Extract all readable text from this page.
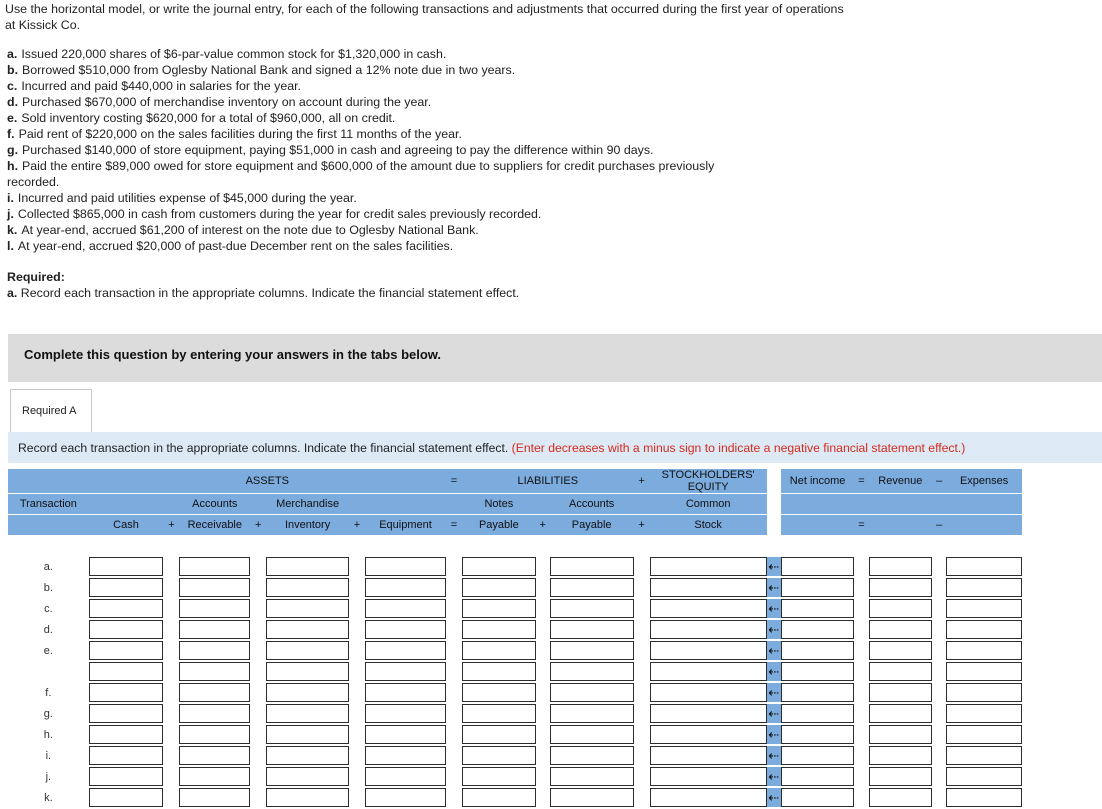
Use the horizontal model, or write the journal entry, for each of the following transactions and adjustments that occurred during the first year of operations at Kissick Co.
a. Issued 220,000 shares of $6-par-value common stock for $1,320,000 in cash.
b. Borrowed $510,000 from Oglesby National Bank and signed a 12% note due in two years.
c. Incurred and paid $440,000 in salaries for the year.
d. Purchased $670,000 of merchandise inventory on account during the year.
e. Sold inventory costing $620,000 for a total of $960,000, all on credit.
f. Paid rent of $220,000 on the sales facilities during the first 11 months of the year.
g. Purchased $140,000 of store equipment, paying $51,000 in cash and agreeing to pay the difference within 90 days.
h. Paid the entire $89,000 owed for store equipment and $600,000 of the amount due to suppliers for credit purchases previously
recorded.
i. Incurred and paid utilities expense of $45,000 during the year.
j. Collected $865,000 in cash from customers during the year for credit sales previously recorded.
k. At year-end, accrued $61,200 of interest on the note due to Oglesby National Bank.
l. At year-end, accrued $20,000 of past-due December rent on the sales facilities.
Required:
a. Record each transaction in the appropriate columns. Indicate the financial statement effect.
Complete this question by entering your answers in the tabs below.
Required A
Record each transaction in the appropriate columns. Indicate the financial statement effect. (Enter decreases with a minus sign to indicate a negative financial statement effect.)
	ASSETS							=	LIABILITIES			+	STOCKHOLDERS'
EQUITY		Net income	=	Revenue	–	Expenses
Transaction			Accounts		Merchandise				Notes		Accounts		Common						
	Cash	+	Receivable	+	Inventory	+	Equipment	=	Payable	+	Payable	+	Stock			=		–	

a.														⇠

b.														⇠

c.														⇠

d.														⇠

e.														⇠

⇠

f.														⇠

g.														⇠

h.														⇠

i.														⇠

j.														⇠

k.														⇠
